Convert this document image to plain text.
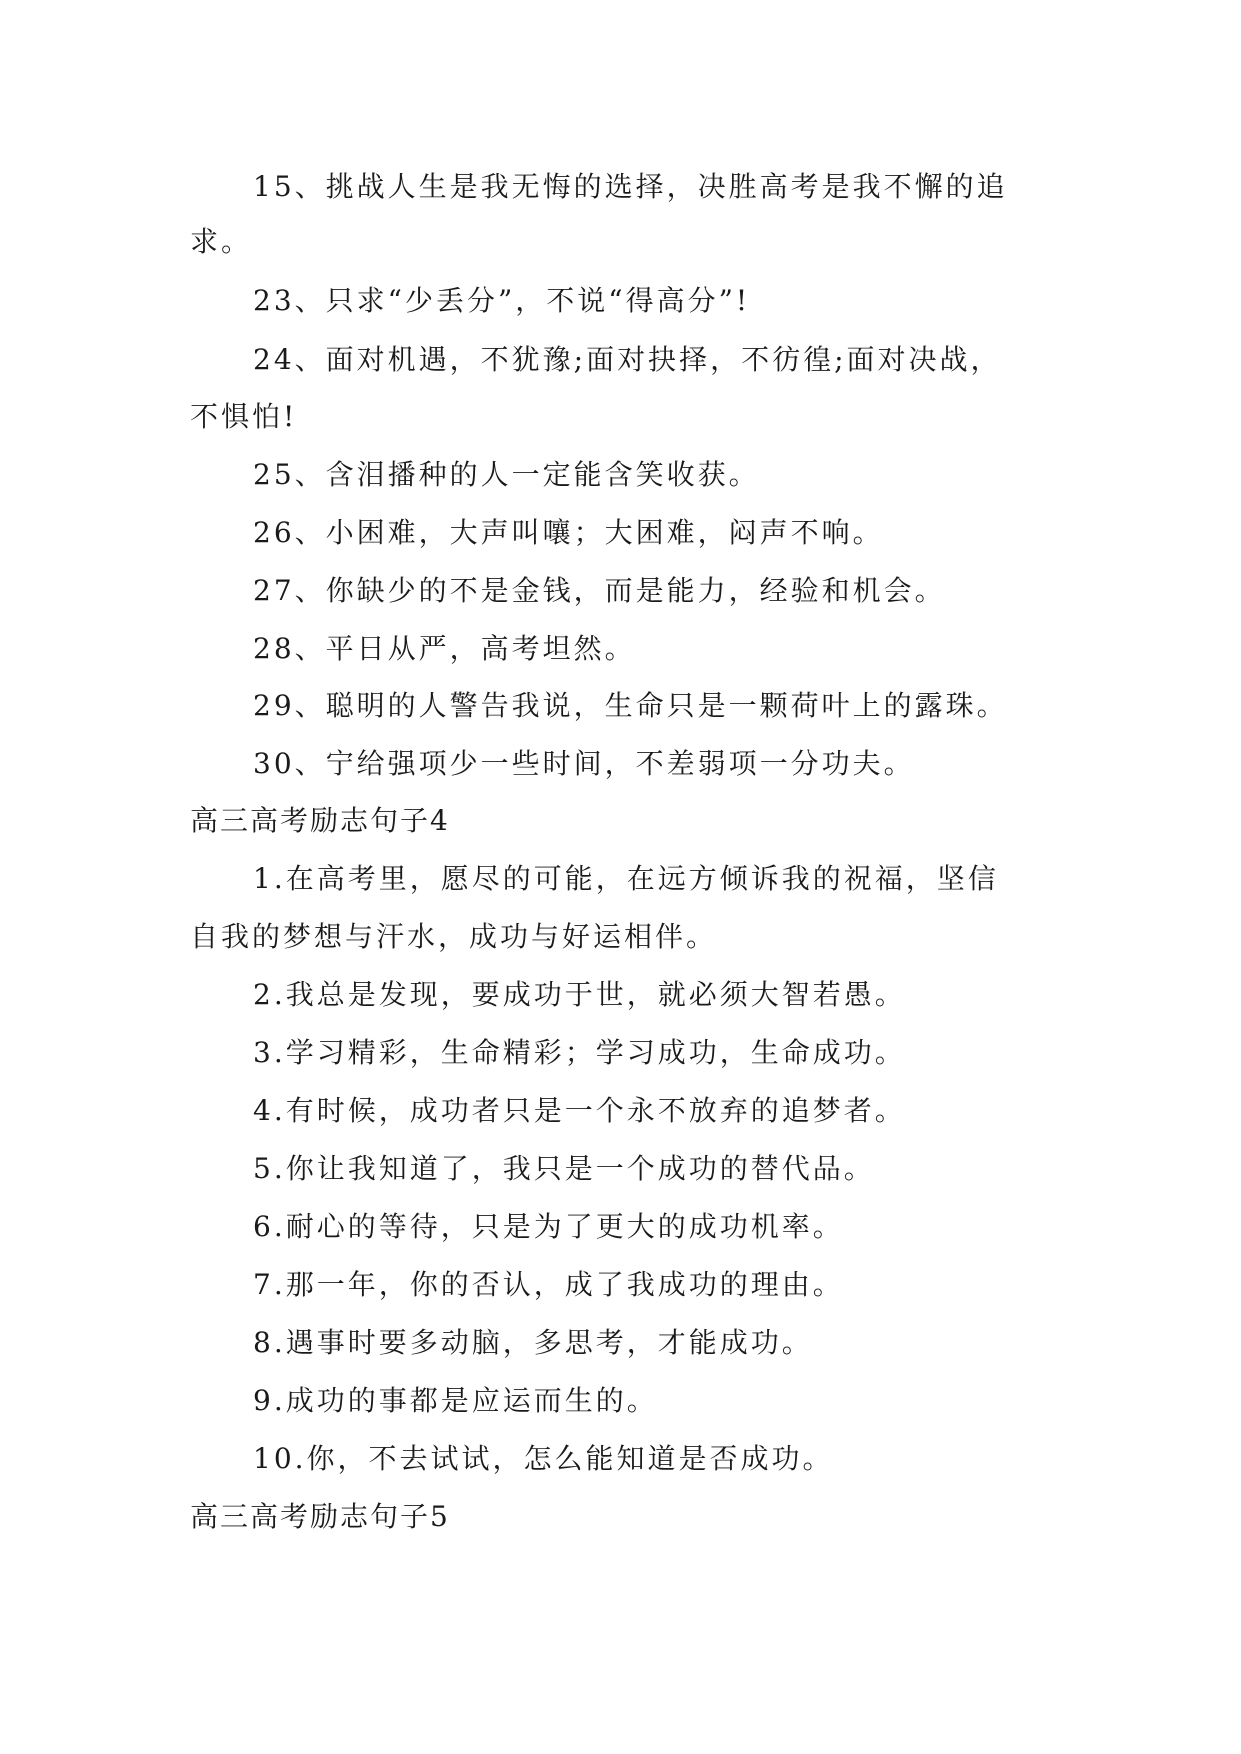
15、挑战人生是我无悔的选择，决胜高考是我不懈的追

求。

23、只求“少丢分”，不说“得高分”!

24、面对机遇，不犹豫;面对抉择，不彷徨;面对决战，

不惧怕!

25、含泪播种的人一定能含笑收获。

26、小困难，大声叫嚷；大困难，闷声不响。

27、你缺少的不是金钱，而是能力，经验和机会。

28、平日从严，高考坦然。

29、聪明的人警告我说，生命只是一颗荷叶上的露珠。

30、宁给强项少一些时间，不差弱项一分功夫。

高三高考励志句子4

1.在高考里，愿尽的可能，在远方倾诉我的祝福，坚信

自我的梦想与汗水，成功与好运相伴。

2.我总是发现，要成功于世，就必须大智若愚。

3.学习精彩，生命精彩；学习成功，生命成功。

4.有时候，成功者只是一个永不放弃的追梦者。

5.你让我知道了，我只是一个成功的替代品。

6.耐心的等待，只是为了更大的成功机率。

7.那一年，你的否认，成了我成功的理由。

8.遇事时要多动脑，多思考，才能成功。

9.成功的事都是应运而生的。

10.你，不去试试，怎么能知道是否成功。

高三高考励志句子5
